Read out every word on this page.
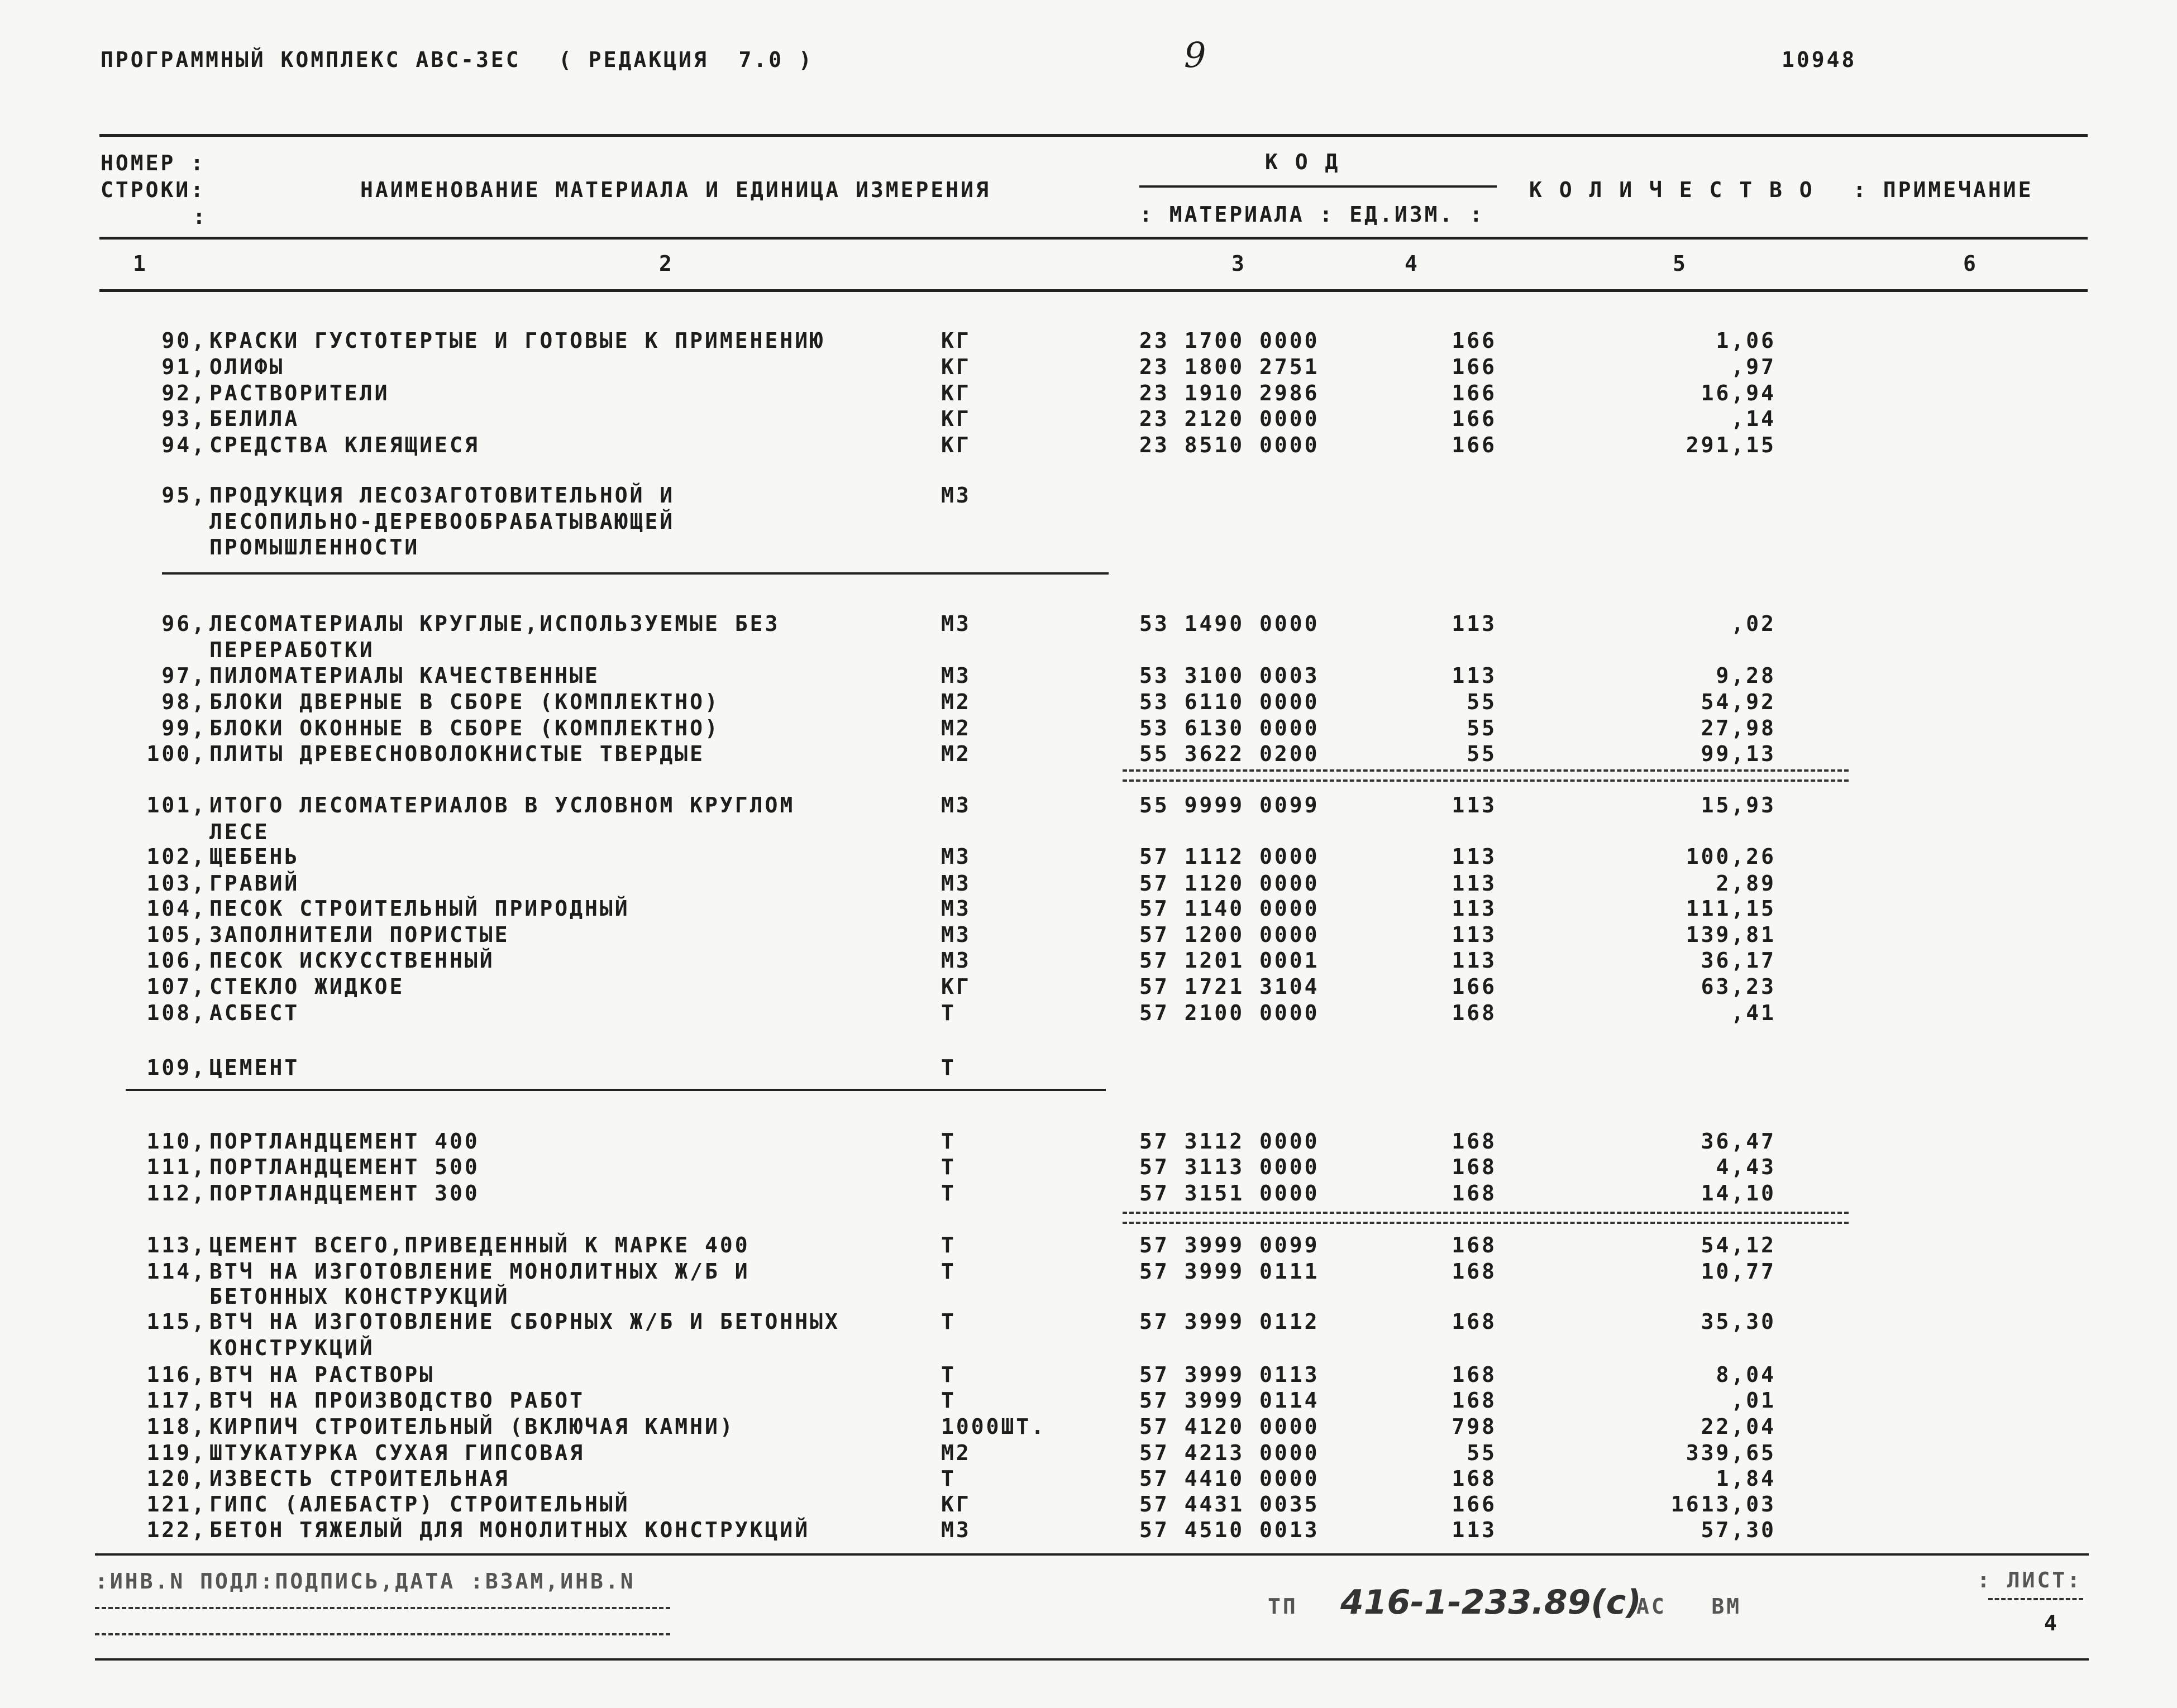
ПРОГРАММНЫЙ КОМПЛЕКС АВС-3ЕС ( РЕДАКЦИЯ  7.0 )	9	10948
НОМЕР :
СТРОКИ:
:
НАИМЕНОВАНИЕ МАТЕРИАЛА И ЕДИНИЦА ИЗМЕРЕНИЯ
К О Д
: МАТЕРИАЛА : ЕД.ИЗМ. :
К О Л И Ч Е С Т В О : ПРИМЕЧАНИЕ
1	2	3	4	5	6
90, КРАСКИ ГУСТОТЕРТЫЕ И ГОТОВЫЕ К ПРИМЕНЕНИЮ	КГ	23 1700 0000	166	1,06
91, ОЛИФЫ	КГ	23 1800 2751	166	,97
92, РАСТВОРИТЕЛИ	КГ	23 1910 2986	166	16,94
93, БЕЛИЛА	КГ	23 2120 0000	166	,14
94, СРЕДСТВА КЛЕЯЩИЕСЯ	КГ	23 8510 0000	166	291,15
95, ПРОДУКЦИЯ ЛЕСОЗАГОТОВИТЕЛЬНОЙ И	М3
ЛЕСОПИЛЬНО-ДЕРЕВООБРАБАТЫВАЮЩЕЙ
ПРОМЫШЛЕННОСТИ
96, ЛЕСОМАТЕРИАЛЫ КРУГЛЫЕ,ИСПОЛЬЗУЕМЫЕ БЕЗ	М3	53 1490 0000	113	,02
ПЕРЕРАБОТКИ
97, ПИЛОМАТЕРИАЛЫ КАЧЕСТВЕННЫЕ	М3	53 3100 0003	113	9,28
98, БЛОКИ ДВЕРНЫЕ В СБОРЕ (КОМПЛЕКТНО)	М2	53 6110 0000	55	54,92
99, БЛОКИ ОКОННЫЕ В СБОРЕ (КОМПЛЕКТНО)	М2	53 6130 0000	55	27,98
100, ПЛИТЫ ДРЕВЕСНОВОЛОКНИСТЫЕ ТВЕРДЫЕ	М2	55 3622 0200	55	99,13
101, ИТОГО ЛЕСОМАТЕРИАЛОВ В УСЛОВНОМ КРУГЛОМ	М3	55 9999 0099	113	15,93
ЛЕСЕ
102, ЩЕБЕНЬ	М3	57 1112 0000	113	100,26
103, ГРАВИЙ	М3	57 1120 0000	113	2,89
104, ПЕСОК СТРОИТЕЛЬНЫЙ ПРИРОДНЫЙ	М3	57 1140 0000	113	111,15
105, ЗАПОЛНИТЕЛИ ПОРИСТЫЕ	М3	57 1200 0000	113	139,81
106, ПЕСОК ИСКУССТВЕННЫЙ	М3	57 1201 0001	113	36,17
107, СТЕКЛО ЖИДКОЕ	КГ	57 1721 3104	166	63,23
108, АСБЕСТ	Т	57 2100 0000	168	,41
109, ЦЕМЕНТ	Т
110, ПОРТЛАНДЦЕМЕНТ 400	Т	57 3112 0000	168	36,47
111, ПОРТЛАНДЦЕМЕНТ 500	Т	57 3113 0000	168	4,43
112, ПОРТЛАНДЦЕМЕНТ 300	Т	57 3151 0000	168	14,10
113, ЦЕМЕНТ ВСЕГО,ПРИВЕДЕННЫЙ К МАРКЕ 400	Т	57 3999 0099	168	54,12
114, ВТЧ НА ИЗГОТОВЛЕНИЕ МОНОЛИТНЫХ Ж/Б И	Т	57 3999 0111	168	10,77
БЕТОННЫХ КОНСТРУКЦИЙ
115, ВТЧ НА ИЗГОТОВЛЕНИЕ СБОРНЫХ Ж/Б И БЕТОННЫХ	Т	57 3999 0112	168	35,30
КОНСТРУКЦИЙ
116, ВТЧ НА РАСТВОРЫ	Т	57 3999 0113	168	8,04
117, ВТЧ НА ПРОИЗВОДСТВО РАБОТ	Т	57 3999 0114	168	,01
118, КИРПИЧ СТРОИТЕЛЬНЫЙ (ВКЛЮЧАЯ КАМНИ)	1000ШТ.	57 4120 0000	798	22,04
119, ШТУКАТУРКА СУХАЯ ГИПСОВАЯ	М2	57 4213 0000	55	339,65
120, ИЗВЕСТЬ СТРОИТЕЛЬНАЯ	Т	57 4410 0000	168	1,84
121, ГИПС (АЛЕБАСТР) СТРОИТЕЛЬНЫЙ	КГ	57 4431 0035	166	1613,03
122, БЕТОН ТЯЖЕЛЫЙ ДЛЯ МОНОЛИТНЫХ КОНСТРУКЦИЙ	М3	57 4510 0013	113	57,30
:ИНВ.N ПОДЛ:ПОДПИСЬ,ДАТА :ВЗАМ,ИНВ.N
ТП 416-1-233.89(с)
АС   ВМ
: ЛИСТ:
4
